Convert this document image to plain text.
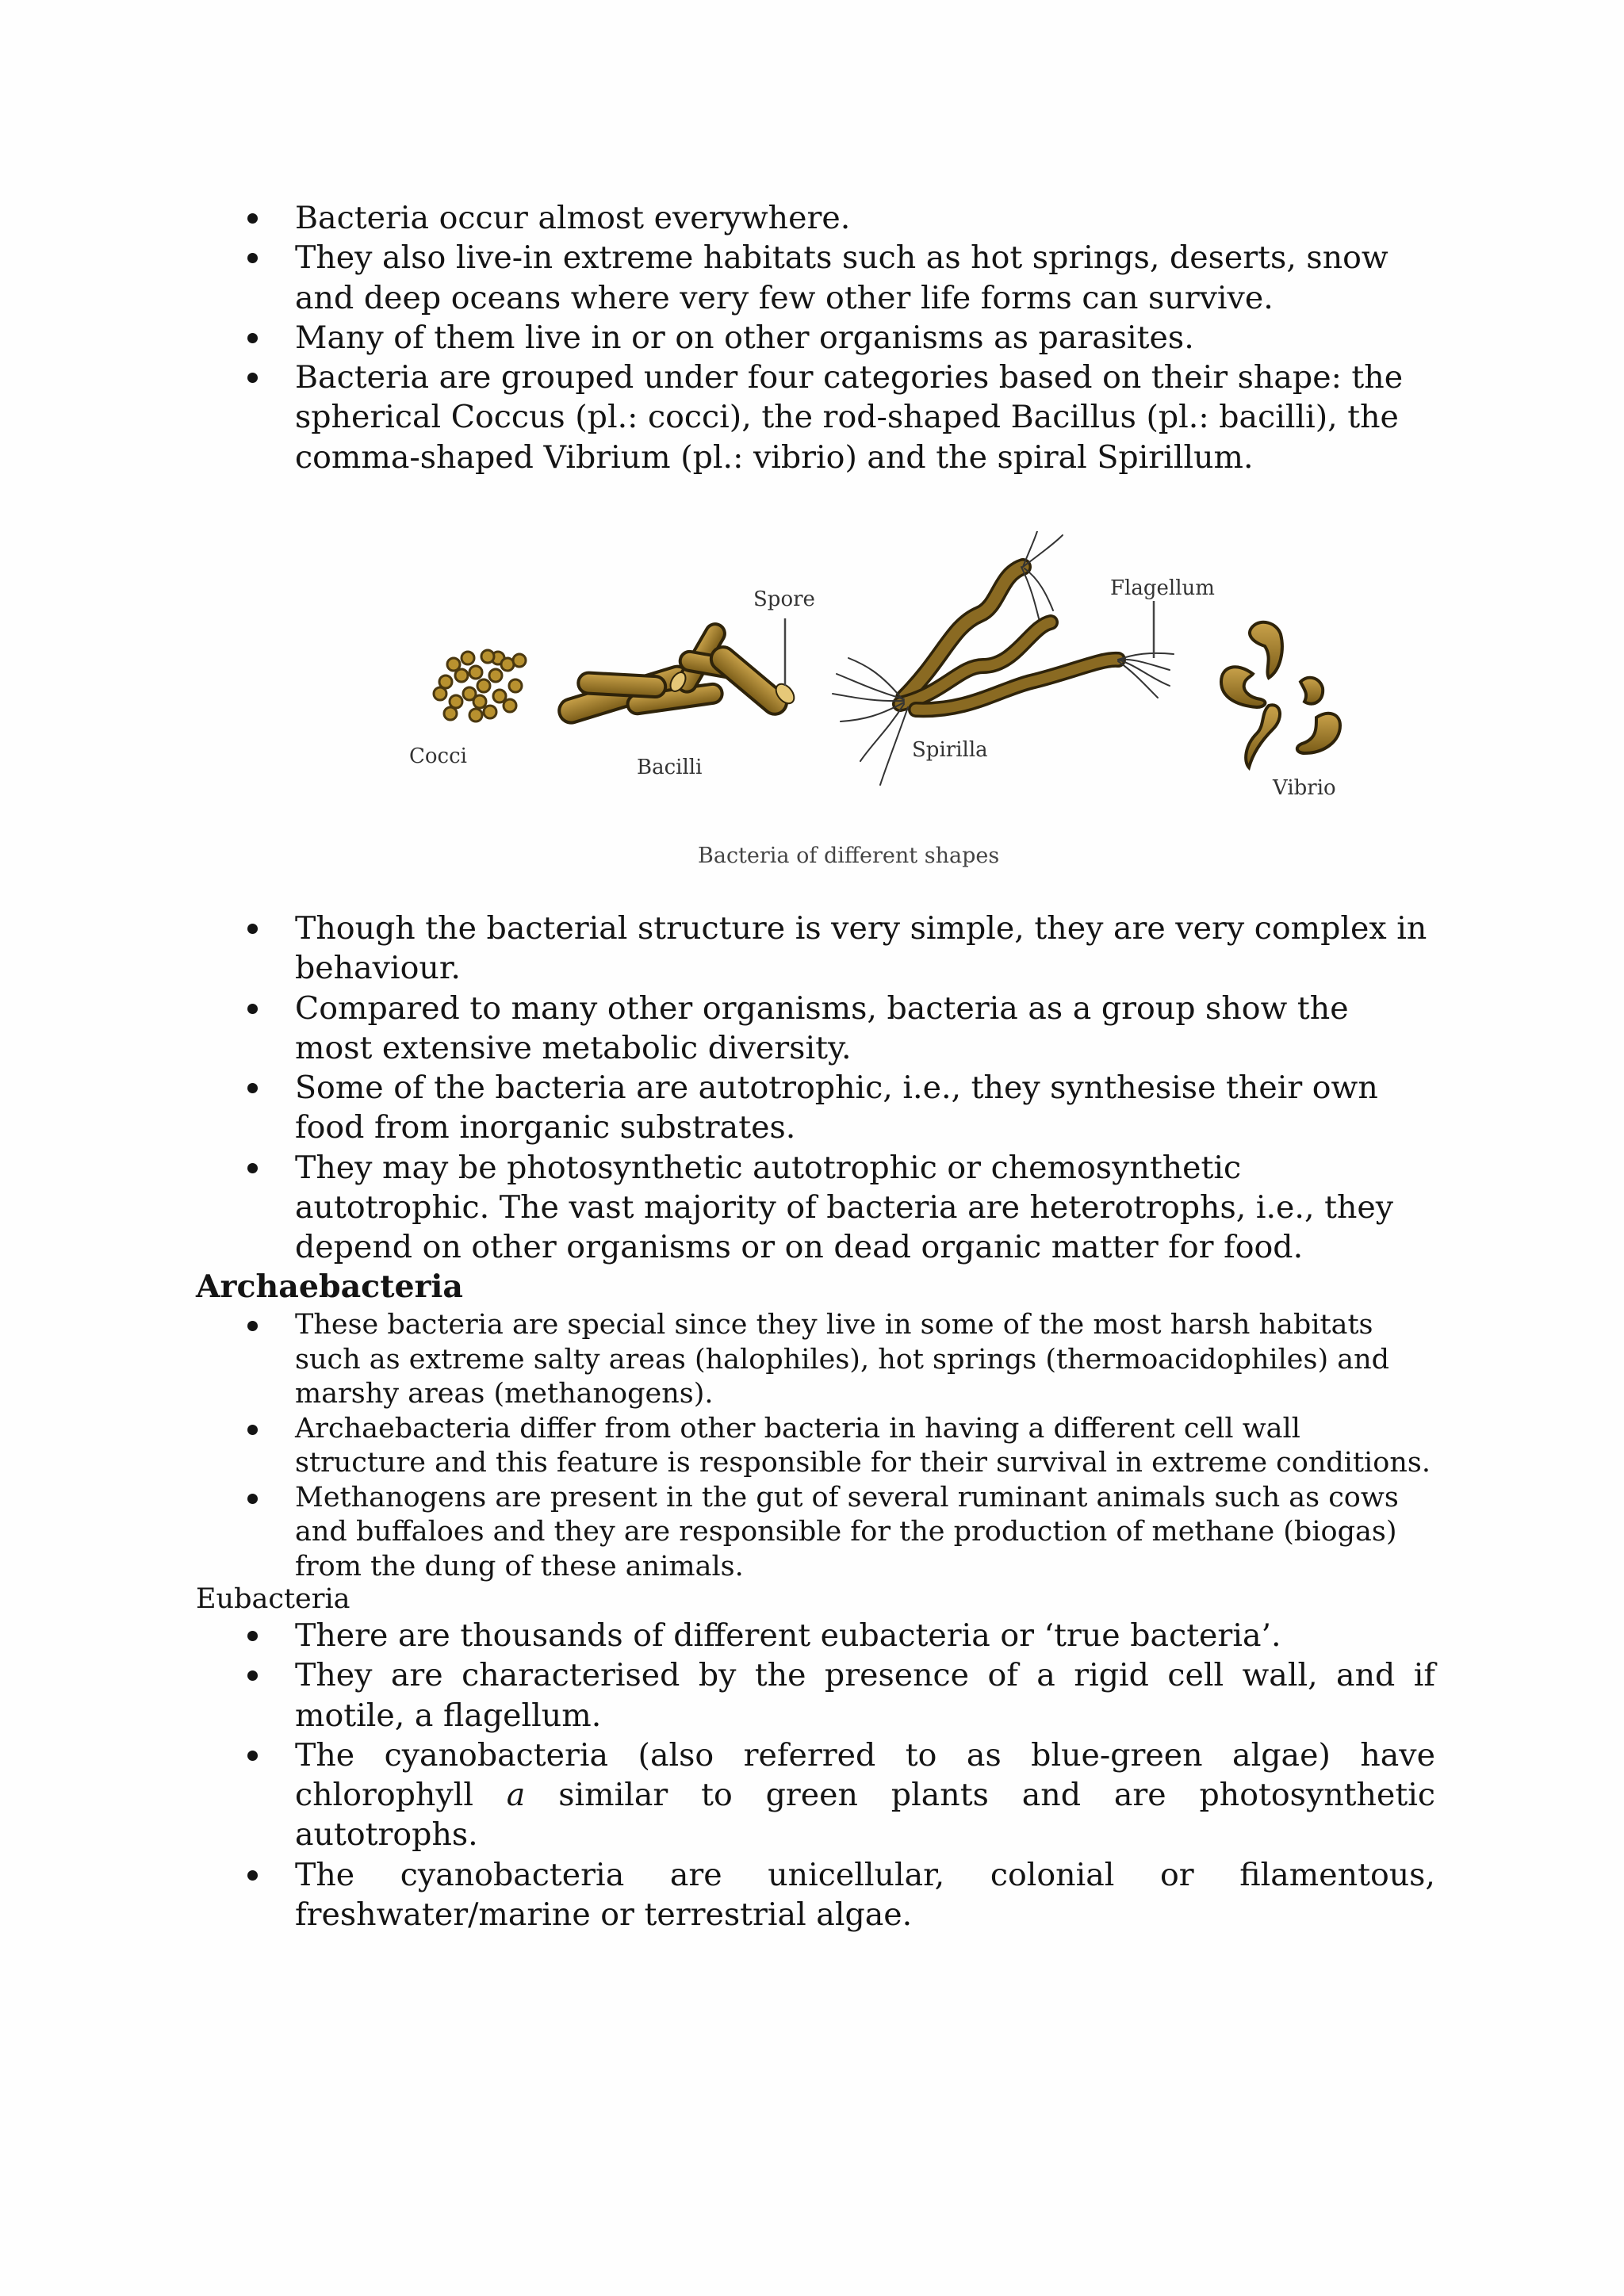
Bacteria occur almost everywhere.
They also live-in extreme habitats such as hot springs, deserts, snow and deep oceans where very few other life forms can survive.
Many of them live in or on other organisms as parasites.
Bacteria are grouped under four categories based on their shape: the spherical Coccus (pl.: cocci), the rod-shaped Bacillus (pl.: bacilli), the comma-shaped Vibrium (pl.: vibrio) and the spiral Spirillum.
Cocci
Spore
Bacilli
Flagellum
Spirilla
Vibrio
Bacteria of different shapes
Though the bacterial structure is very simple, they are very complex in behaviour.
Compared to many other organisms, bacteria as a group show the most extensive metabolic diversity.
Some of the bacteria are autotrophic, i.e., they synthesise their own food from inorganic substrates.
They may be photosynthetic autotrophic or chemosynthetic autotrophic. The vast majority of bacteria are heterotrophs, i.e., they depend on other organisms or on dead organic matter for food.
Archaebacteria
These bacteria are special since they live in some of the most harsh habitats such as extreme salty areas (halophiles), hot springs (thermoacidophiles) and marshy areas (methanogens).
Archaebacteria differ from other bacteria in having a different cell wall structure and this feature is responsible for their survival in extreme conditions.
Methanogens are present in the gut of several ruminant animals such as cows and buffaloes and they are responsible for the production of methane (biogas) from the dung of these animals.
Eubacteria
There are thousands of different eubacteria or ‘true bacteria’.
They are characterised by the presence of a rigid cell wall, and if motile, a flagellum.
The cyanobacteria (also referred to as blue-green algae) have chlorophyll a similar to green plants and are photosynthetic autotrophs.
The cyanobacteria are unicellular, colonial or filamentous, freshwater/marine or terrestrial algae.
